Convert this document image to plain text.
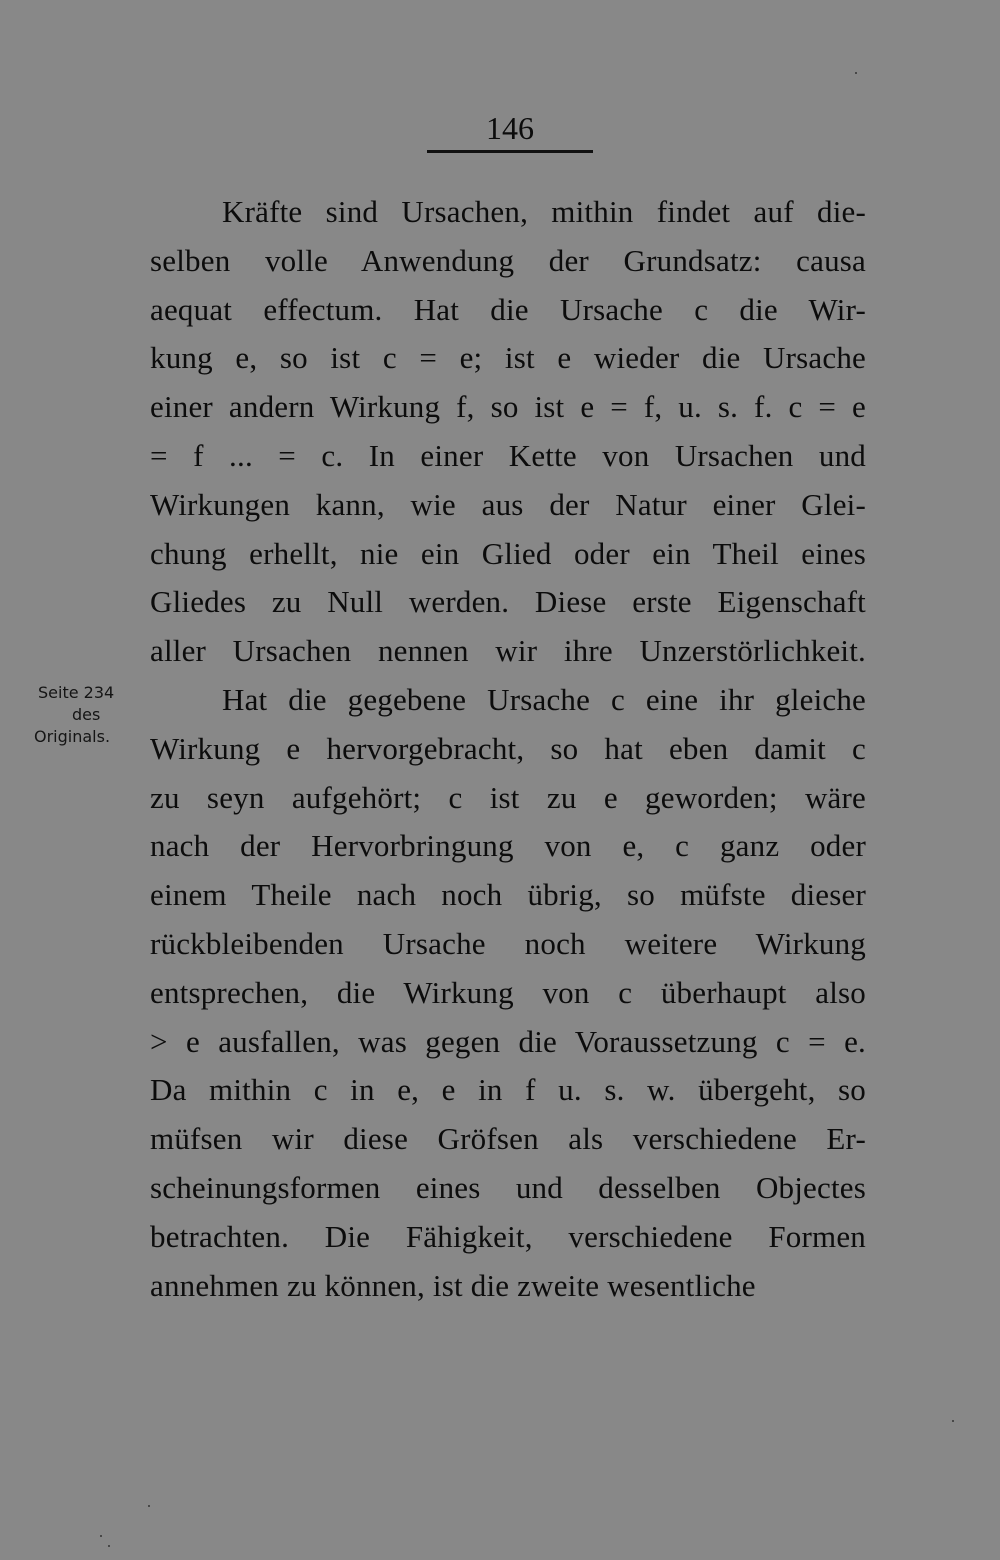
146
Seite 234
des
Originals.
Kräfte sind Ursachen, mithin findet auf die-
selben volle Anwendung der Grundsatz: causa
aequat effectum. Hat die Ursache c die Wir-
kung e, so ist c = e; ist e wieder die Ursache
einer andern Wirkung f, so ist e = f, u. s. f. c = e
= f ... = c. In einer Kette von Ursachen und
Wirkungen kann, wie aus der Natur einer Glei-
chung erhellt, nie ein Glied oder ein Theil eines
Gliedes zu Null werden. Diese erste Eigenschaft
aller Ursachen nennen wir ihre Unzerstörlichkeit.
Hat die gegebene Ursache c eine ihr gleiche
Wirkung e hervorgebracht, so hat eben damit c
zu seyn aufgehört; c ist zu e geworden; wäre
nach der Hervorbringung von e, c ganz oder
einem Theile nach noch übrig, so müfste dieser
rückbleibenden Ursache noch weitere Wirkung
entsprechen, die Wirkung von c überhaupt also
> e ausfallen, was gegen die Voraussetzung c = e.
Da mithin c in e, e in f u. s. w. übergeht, so
müfsen wir diese Gröfsen als verschiedene Er-
scheinungsformen eines und desselben Objectes
betrachten. Die Fähigkeit, verschiedene Formen
annehmen zu können, ist die zweite wesentliche
